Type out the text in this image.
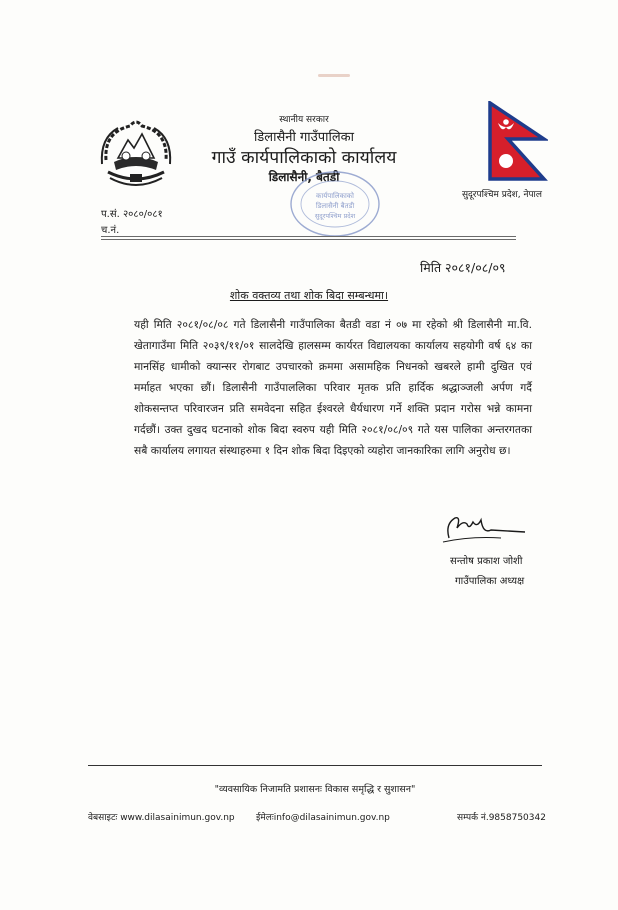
स्थानीय सरकार
डिलासैनी गाउँपालिका
गाउँ कार्यपालिकाको कार्यालय
डिलासैनी, बैतडी
सुदूरपश्चिम प्रदेश, नेपाल
कार्यपालिकाको
डिलासैनी बैतडी
सुदूरपश्चिम प्रदेश
प.सं. २०८०/०८१
च.नं.
मिति २०८१/०८/०९
शोक वक्तव्य तथा शोक बिदा सम्बन्धमा।
यही मिति २०८१/०८/०८ गते डिलासैनी गाउँपालिका बैतडी वडा नं ०७ मा रहेको श्री डिलासैनी मा.वि. खेतागाउँमा मिति २०३९/११/०१ सालदेखि हालसम्म कार्यरत विद्यालयका कार्यालय सहयोगी वर्ष ६४ का मानसिंह धामीको क्यान्सर रोगबाट उपचारको क्रममा असामहिक निधनको खबरले हामी दुखित एवं मर्माहत भएका छौं। डिलासैनी गाउँपाललिका परिवार मृतक प्रति हार्दिक श्रद्धाञ्जली अर्पण गर्दै शोकसन्तप्त परिवारजन प्रति समवेदना सहित ईश्वरले धैर्यधारण गर्ने शक्ति प्रदान गरोस भन्ने कामना गर्दछौं। उक्त दुखद घटनाको शोक बिदा स्वरुप यही मिति २०८१/०८/०९ गते यस पालिका अन्तरगतका सबै कार्यालय लगायत संस्थाहरुमा १ दिन शोक बिदा दिइएको व्यहोरा जानकारिका लागि अनुरोध छ।
सन्तोष प्रकाश जोशी
गाउँपालिका अध्यक्ष
"व्यवसायिक निजामति प्रशासनः विकास समृद्धि र सुशासन"
वेबसाइटः www.dilasainimun.gov.np ईमेलःinfo@dilasainimun.gov.np	सम्पर्क नं.9858750342
